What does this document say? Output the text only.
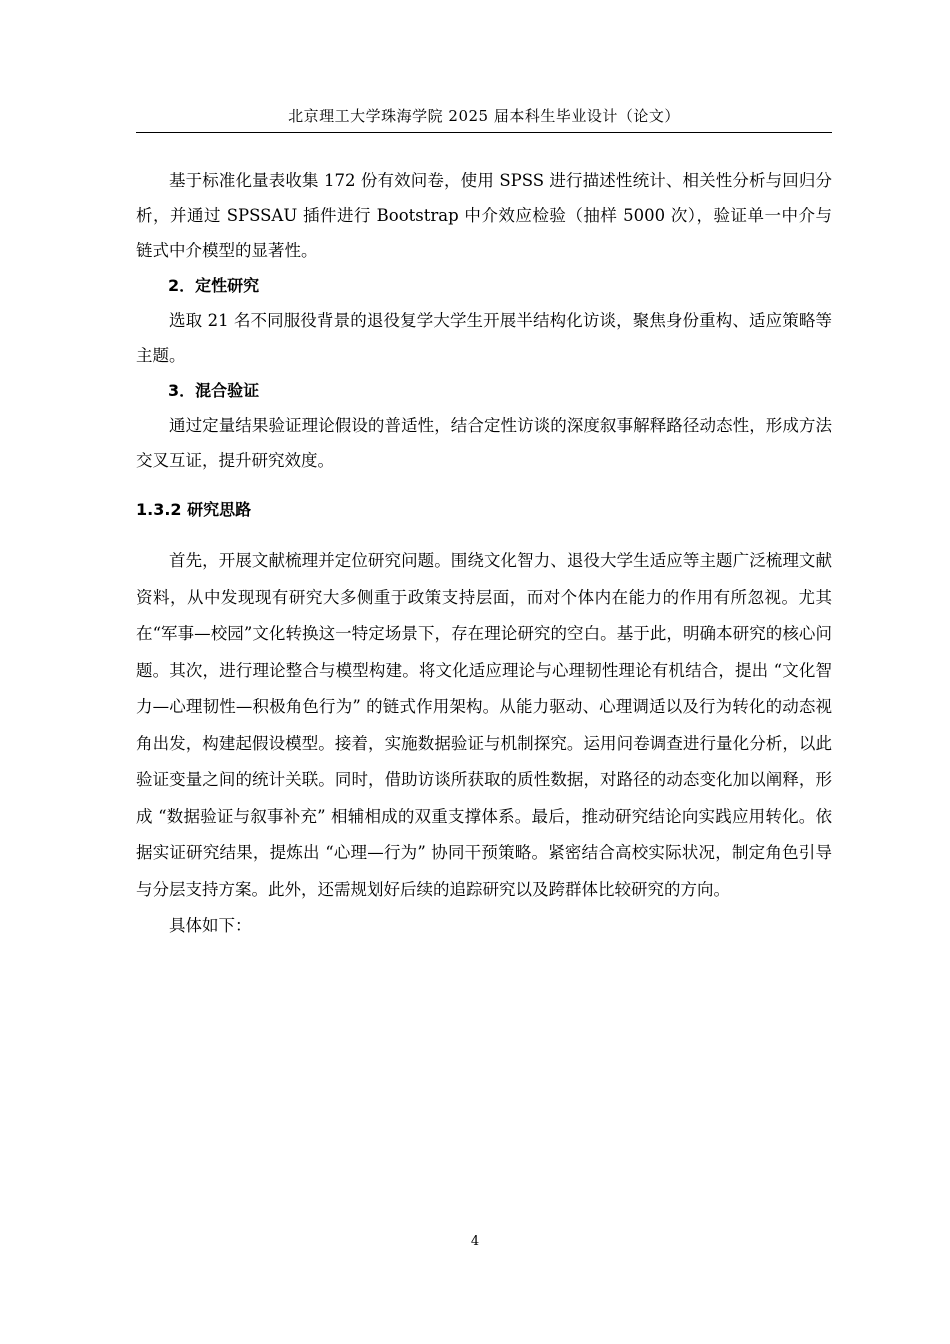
北京理工大学珠海学院 2025 届本科生毕业设计（论文）

基于标准化量表收集 172 份有效问卷，使用 SPSS 进行描述性统计、相关性分析与回归分析，并通过 SPSSAU 插件进行 Bootstrap 中介效应检验（抽样 5000 次），验证单一中介与链式中介模型的显著性。

2．定性研究

选取 21 名不同服役背景的退役复学大学生开展半结构化访谈，聚焦身份重构、适应策略等主题。

3．混合验证

通过定量结果验证理论假设的普适性，结合定性访谈的深度叙事解释路径动态性，形成方法交叉互证，提升研究效度。

1.3.2 研究思路

首先，开展文献梳理并定位研究问题。围绕文化智力、退役大学生适应等主题广泛梳理文献资料，从中发现现有研究大多侧重于政策支持层面，而对个体内在能力的作用有所忽视。尤其在“军事—校园”文化转换这一特定场景下，存在理论研究的空白。基于此，明确本研究的核心问题。其次，进行理论整合与模型构建。将文化适应理论与心理韧性理论有机结合，提出 “文化智力—心理韧性—积极角色行为” 的链式作用架构。从能力驱动、心理调适以及行为转化的动态视角出发，构建起假设模型。接着，实施数据验证与机制探究。运用问卷调查进行量化分析，以此验证变量之间的统计关联。同时，借助访谈所获取的质性数据，对路径的动态变化加以阐释，形成 “数据验证与叙事补充” 相辅相成的双重支撑体系。最后，推动研究结论向实践应用转化。依据实证研究结果，提炼出 “心理—行为” 协同干预策略。紧密结合高校实际状况，制定角色引导与分层支持方案。此外，还需规划好后续的追踪研究以及跨群体比较研究的方向。

具体如下：

4
